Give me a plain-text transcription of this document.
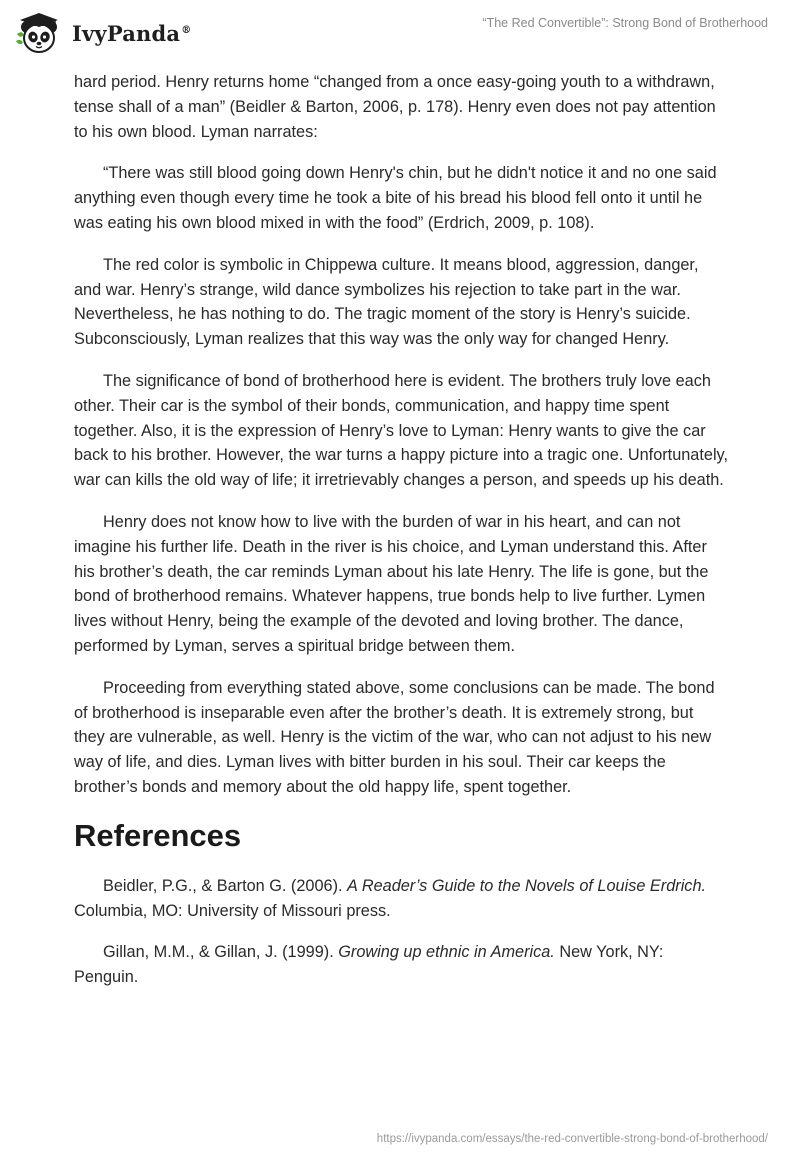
IvyPanda®	“The Red Convertible”: Strong Bond of Brotherhood

hard period. Henry returns home “changed from a once easy-going youth to a withdrawn, tense shall of a man” (Beidler & Barton, 2006, p. 178). Henry even does not pay attention to his own blood. Lyman narrates:

“There was still blood going down Henry's chin, but he didn't notice it and no one said anything even though every time he took a bite of his bread his blood fell onto it until he was eating his own blood mixed in with the food” (Erdrich, 2009, p. 108).

The red color is symbolic in Chippewa culture. It means blood, aggression, danger, and war. Henry’s strange, wild dance symbolizes his rejection to take part in the war. Nevertheless, he has nothing to do. The tragic moment of the story is Henry’s suicide. Subconsciously, Lyman realizes that this way was the only way for changed Henry.

The significance of bond of brotherhood here is evident. The brothers truly love each other. Their car is the symbol of their bonds, communication, and happy time spent together. Also, it is the expression of Henry’s love to Lyman: Henry wants to give the car back to his brother. However, the war turns a happy picture into a tragic one. Unfortunately, war can kills the old way of life; it irretrievably changes a person, and speeds up his death.

Henry does not know how to live with the burden of war in his heart, and can not imagine his further life. Death in the river is his choice, and Lyman understand this. After his brother’s death, the car reminds Lyman about his late Henry. The life is gone, but the bond of brotherhood remains. Whatever happens, true bonds help to live further. Lymen lives without Henry, being the example of the devoted and loving brother. The dance, performed by Lyman, serves a spiritual bridge between them.

Proceeding from everything stated above, some conclusions can be made. The bond of brotherhood is inseparable even after the brother’s death. It is extremely strong, but they are vulnerable, as well. Henry is the victim of the war, who can not adjust to his new way of life, and dies. Lyman lives with bitter burden in his soul. Their car keeps the brother’s bonds and memory about the old happy life, spent together.

References

Beidler, P.G., & Barton G. (2006). A Reader’s Guide to the Novels of Louise Erdrich. Columbia, MO: University of Missouri press.

Gillan, M.M., & Gillan, J. (1999). Growing up ethnic in America. New York, NY: Penguin.

https://ivypanda.com/essays/the-red-convertible-strong-bond-of-brotherhood/
